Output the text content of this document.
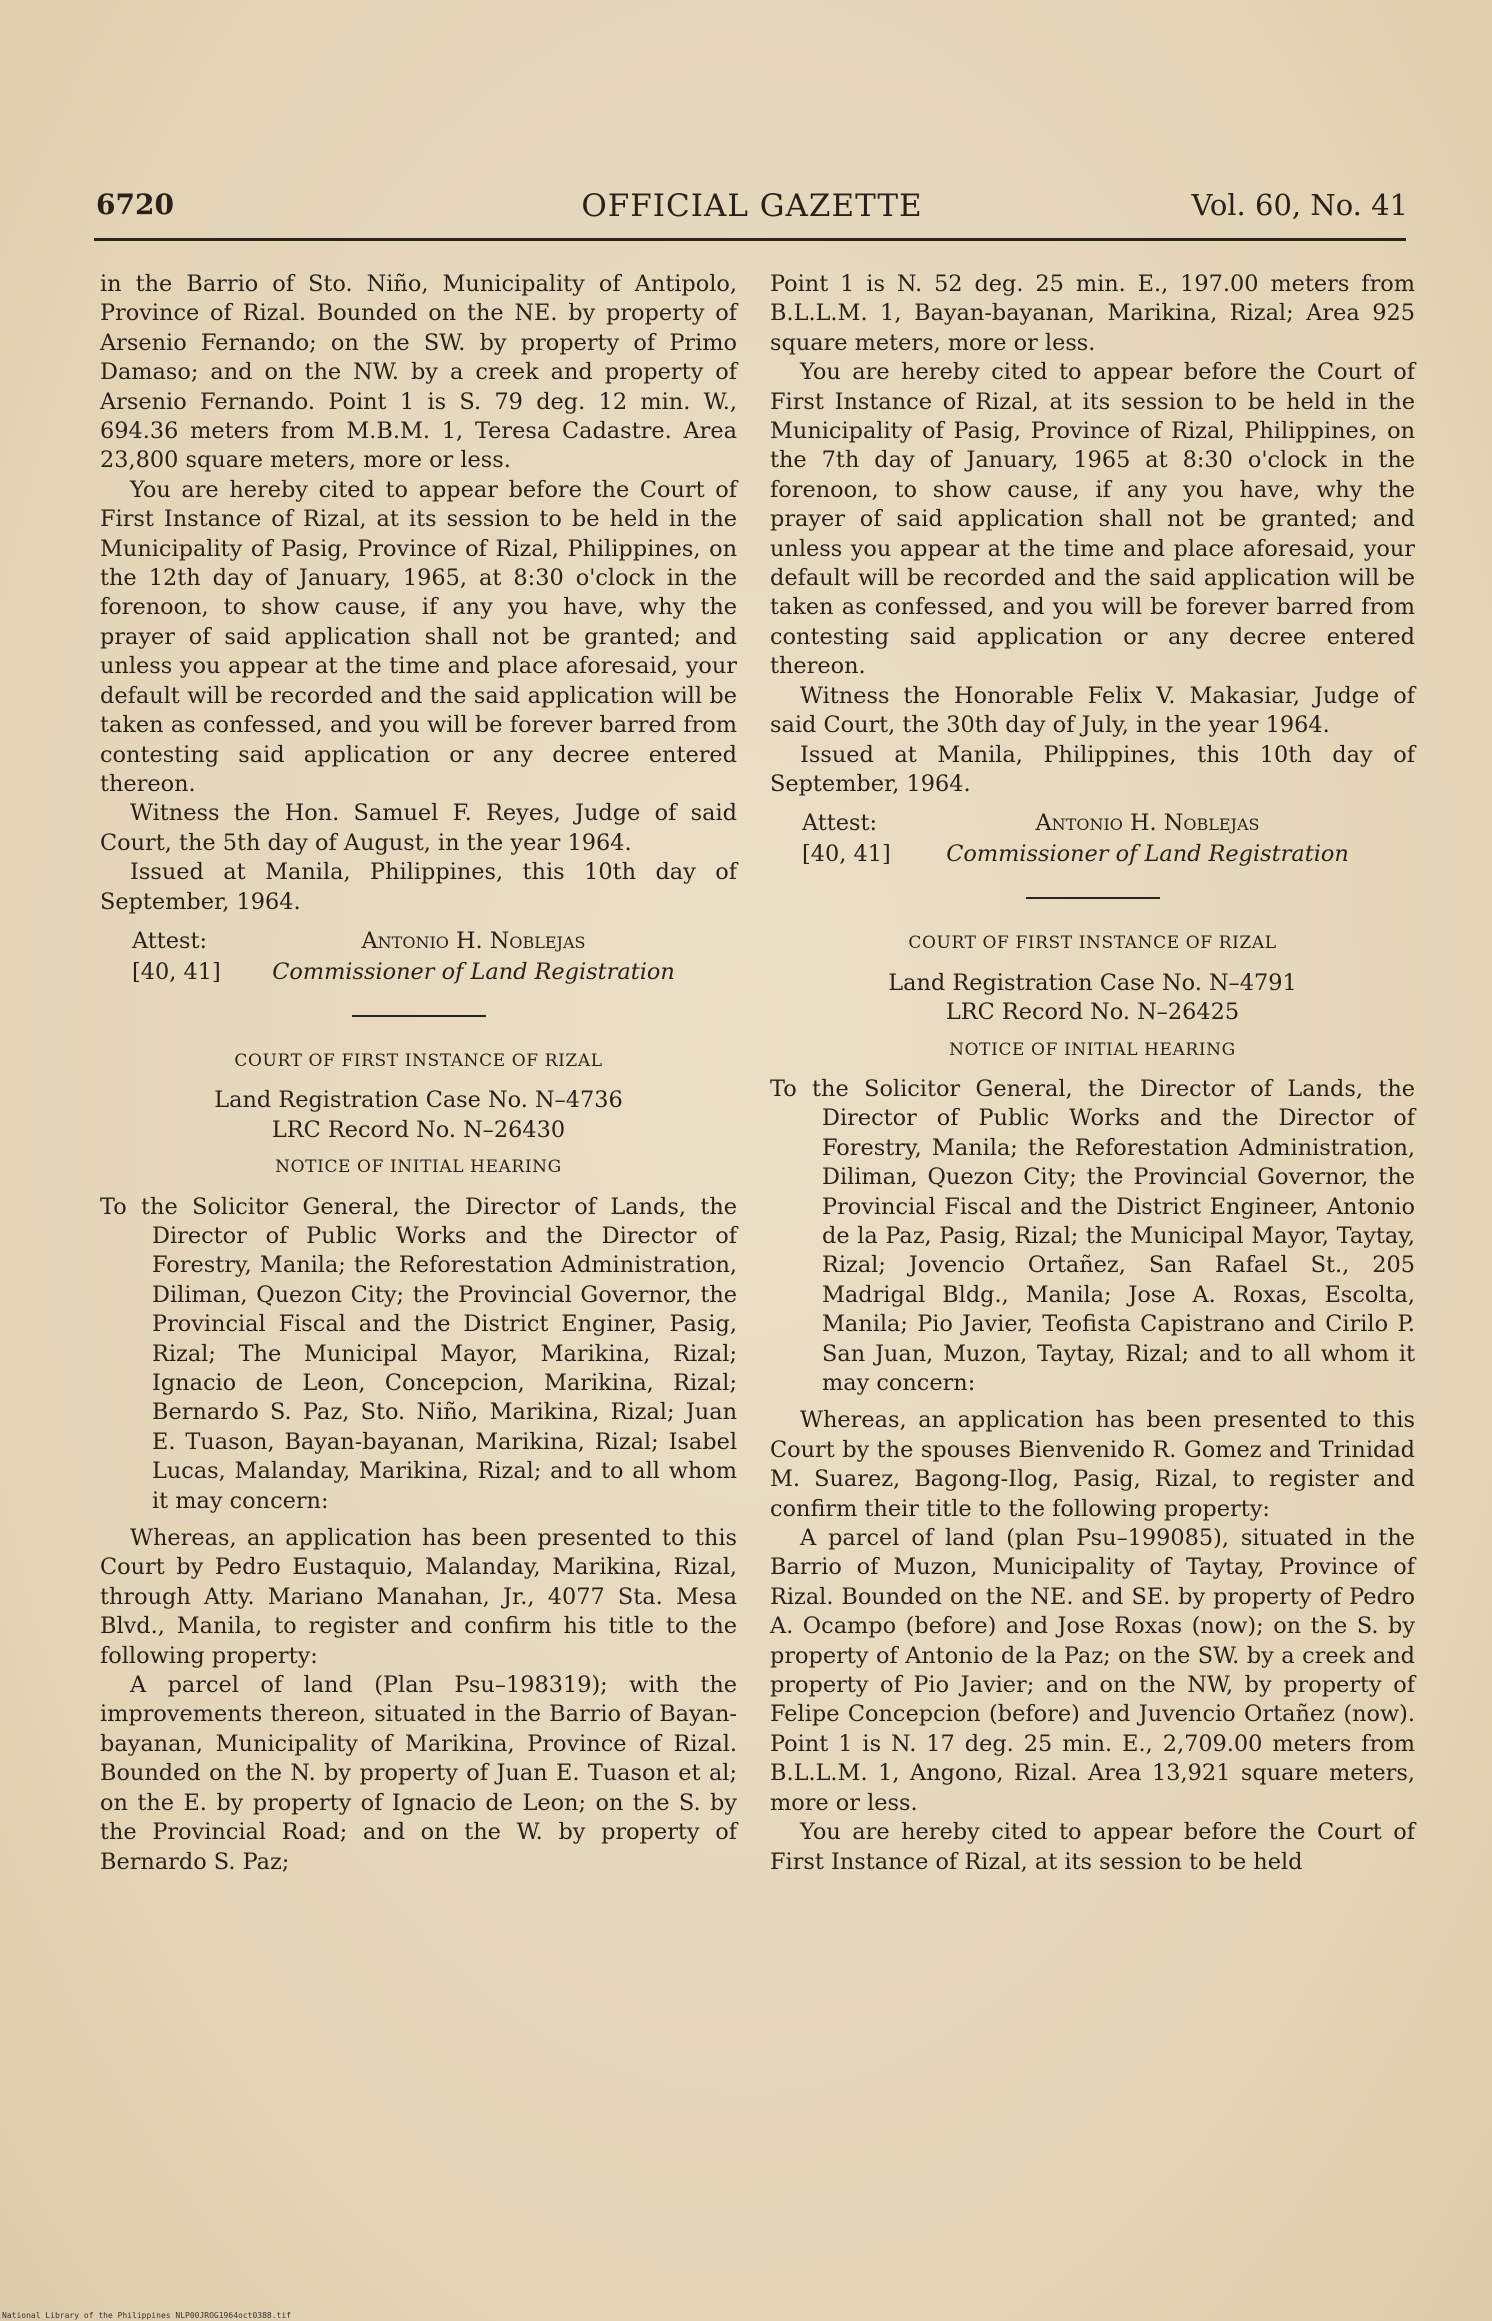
6720	OFFICIAL GAZETTE	Vol. 60, No. 41

in the Barrio of Sto. Niño, Municipality of Antipolo, Province of Rizal. Bounded on the NE. by property of Arsenio Fernando; on the SW. by property of Primo Damaso; and on the NW. by a creek and property of Arsenio Fernando. Point 1 is S. 79 deg. 12 min. W., 694.36 meters from M.B.M. 1, Teresa Cadastre. Area 23,800 square meters, more or less.

You are hereby cited to appear before the Court of First Instance of Rizal, at its session to be held in the Municipality of Pasig, Province of Rizal, Philippines, on the 12th day of January, 1965, at 8:30 o'clock in the forenoon, to show cause, if any you have, why the prayer of said application shall not be granted; and unless you appear at the time and place aforesaid, your default will be recorded and the said application will be taken as confessed, and you will be forever barred from contesting said application or any decree entered thereon.

Witness the Hon. Samuel F. Reyes, Judge of said Court, the 5th day of August, in the year 1964.

Issued at Manila, Philippines, this 10th day of September, 1964.

Attest:
[40, 41]
Antonio H. Noblejas
Commissioner of Land Registration

COURT OF FIRST INSTANCE OF RIZAL

Land Registration Case No. N–4736

LRC Record No. N–26430

NOTICE OF INITIAL HEARING

To the Solicitor General, the Director of Lands, the Director of Public Works and the Director of Forestry, Manila; the Reforestation Administration, Diliman, Quezon City; the Provincial Governor, the Provincial Fiscal and the District Enginer, Pasig, Rizal; The Municipal Mayor, Marikina, Rizal; Ignacio de Leon, Concepcion, Marikina, Rizal; Bernardo S. Paz, Sto. Niño, Marikina, Rizal; Juan E. Tuason, Bayan-bayanan, Marikina, Rizal; Isabel Lucas, Malanday, Marikina, Rizal; and to all whom it may concern:

Whereas, an application has been presented to this Court by Pedro Eustaquio, Malanday, Marikina, Rizal, through Atty. Mariano Manahan, Jr., 4077 Sta. Mesa Blvd., Manila, to register and confirm his title to the following property:

A parcel of land (Plan Psu–198319); with the improvements thereon, situated in the Barrio of Bayan-bayanan, Municipality of Marikina, Province of Rizal. Bounded on the N. by property of Juan E. Tuason et al; on the E. by property of Ignacio de Leon; on the S. by the Provincial Road; and on the W. by property of Bernardo S. Paz;

Point 1 is N. 52 deg. 25 min. E., 197.00 meters from B.L.L.M. 1, Bayan-bayanan, Marikina, Rizal; Area 925 square meters, more or less.

You are hereby cited to appear before the Court of First Instance of Rizal, at its session to be held in the Municipality of Pasig, Province of Rizal, Philippines, on the 7th day of January, 1965 at 8:30 o'clock in the forenoon, to show cause, if any you have, why the prayer of said application shall not be granted; and unless you appear at the time and place aforesaid, your default will be recorded and the said application will be taken as confessed, and you will be forever barred from contesting said application or any decree entered thereon.

Witness the Honorable Felix V. Makasiar, Judge of said Court, the 30th day of July, in the year 1964.

Issued at Manila, Philippines, this 10th day of September, 1964.

Attest:
[40, 41]
Antonio H. Noblejas
Commissioner of Land Registration

COURT OF FIRST INSTANCE OF RIZAL

Land Registration Case No. N–4791

LRC Record No. N–26425

NOTICE OF INITIAL HEARING

To the Solicitor General, the Director of Lands, the Director of Public Works and the Director of Forestry, Manila; the Reforestation Administration, Diliman, Quezon City; the Provincial Governor, the Provincial Fiscal and the District Engineer, Antonio de la Paz, Pasig, Rizal; the Municipal Mayor, Taytay, Rizal; Jovencio Ortañez, San Rafael St., 205 Madrigal Bldg., Manila; Jose A. Roxas, Escolta, Manila; Pio Javier, Teofista Capistrano and Cirilo P. San Juan, Muzon, Taytay, Rizal; and to all whom it may concern:

Whereas, an application has been presented to this Court by the spouses Bienvenido R. Gomez and Trinidad M. Suarez, Bagong-Ilog, Pasig, Rizal, to register and confirm their title to the following property:

A parcel of land (plan Psu–199085), situated in the Barrio of Muzon, Municipality of Taytay, Province of Rizal. Bounded on the NE. and SE. by property of Pedro A. Ocampo (before) and Jose Roxas (now); on the S. by property of Antonio de la Paz; on the SW. by a creek and property of Pio Javier; and on the NW, by property of Felipe Concepcion (before) and Juvencio Ortañez (now). Point 1 is N. 17 deg. 25 min. E., 2,709.00 meters from B.L.L.M. 1, Angono, Rizal. Area 13,921 square meters, more or less.

You are hereby cited to appear before the Court of First Instance of Rizal, at its session to be held

National Library of the Philippines NLP00JROG1964oct0388.tif
